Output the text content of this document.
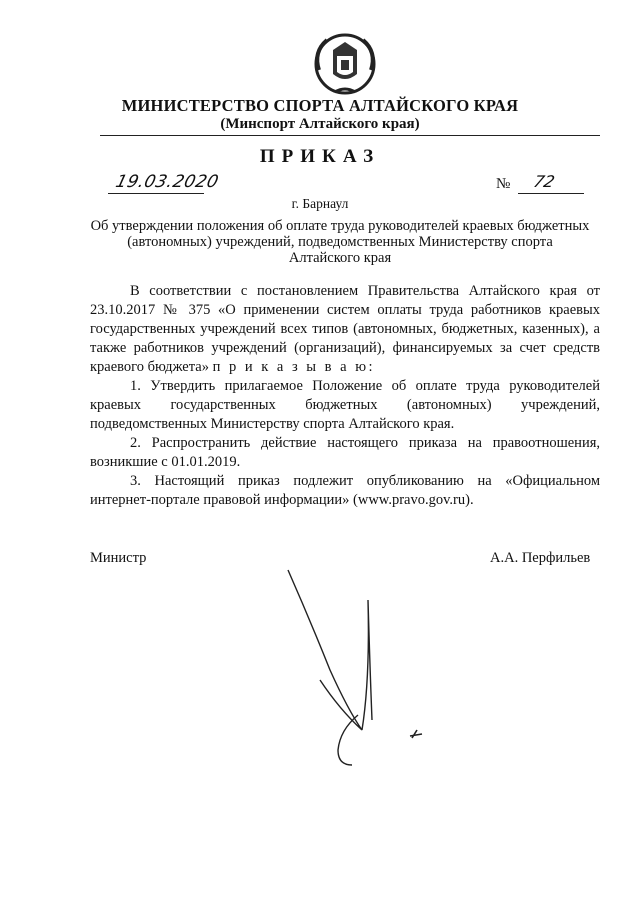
МИНИСТЕРСТВО СПОРТА АЛТАЙСКОГО КРАЯ
(Минспорт Алтайского края)
ПРИКАЗ
19.03.2020	№ 72
г. Барнаул
Об утверждении положения об оплате труда руководителей краевых бюджетных (автономных) учреждений, подведомственных Министерству спорта Алтайского края

В соответствии с постановлением Правительства Алтайского края от 23.10.2017 № 375 «О применении систем оплаты труда работников краевых государственных учреждений всех типов (автономных, бюджетных, казенных), а также работников учреждений (организаций), финансируемых за счет средств краевого бюджета» п р и к а з ы в а ю:

1. Утвердить прилагаемое Положение об оплате труда руководителей краевых государственных бюджетных (автономных) учреждений, подведомственных Министерству спорта Алтайского края.

2. Распространить действие настоящего приказа на правоотношения, возникшие с 01.01.2019.

3. Настоящий приказ подлежит опубликованию на «Официальном интернет-портале правовой информации» (www.pravo.gov.ru).

Министр	А.А. Перфильев
